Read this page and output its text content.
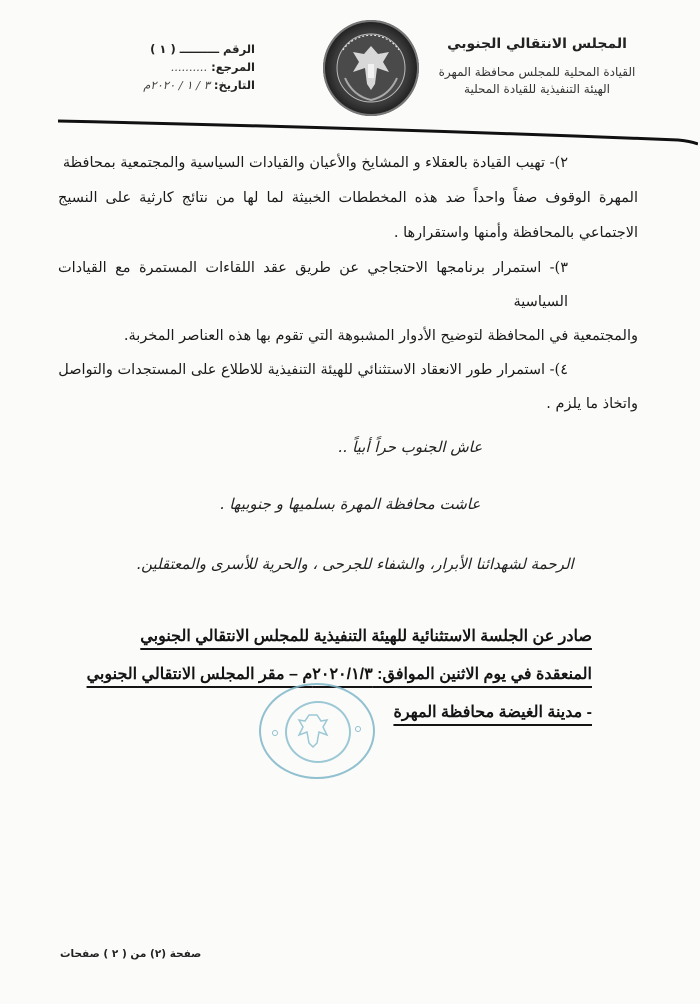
المجلس الانتقالي الجنوبي
القيادة المحلية للمجلس محافظة المهرة
الهيئة التنفيذية للقيادة المحلية
الرقم
ــــــــــ
( ١ )
المرجع:
..........
التاريخ:
٣ / ١ / ٢٠٢٠م

٢)- تهيب القيادة بالعقلاء و المشايخ والأعيان والقيادات السياسية والمجتمعية بمحافظة
المهرة الوقوف صفاً واحداً ضد هذه المخططات الخبيثة لما لها من نتائج كارثية على النسيج الاجتماعي بالمحافظة وأمنها واستقرارها .

٣)- استمرار برنامجها الاحتجاجي عن طريق عقد اللقاءات المستمرة مع القيادات السياسية
والمجتمعية في المحافظة لتوضيح الأدوار المشبوهة التي تقوم بها هذه العناصر المخربة.

٤)- استمرار طور الانعقاد الاستثنائي للهيئة التنفيذية للاطلاع على المستجدات والتواصل
واتخاذ ما يلزم .

عاش الجنوب حراً أبياً ..
عاشت محافظة المهرة بسلميها و جنوبيها .
الرحمة لشهدائنا الأبرار، والشفاء للجرحى ، والحرية للأسرى والمعتقلين.
صادر عن الجلسة الاستثنائية للهيئة التنفيذية للمجلس الانتقالي الجنوبي
المنعقدة في يوم الاثنين الموافق: ٢٠٢٠/١/٣م – مقر المجلس الانتقالي الجنوبي
- مدينة الغيضة محافظة المهرة
صفحة (٢) من ( ٢ ) صفحات
